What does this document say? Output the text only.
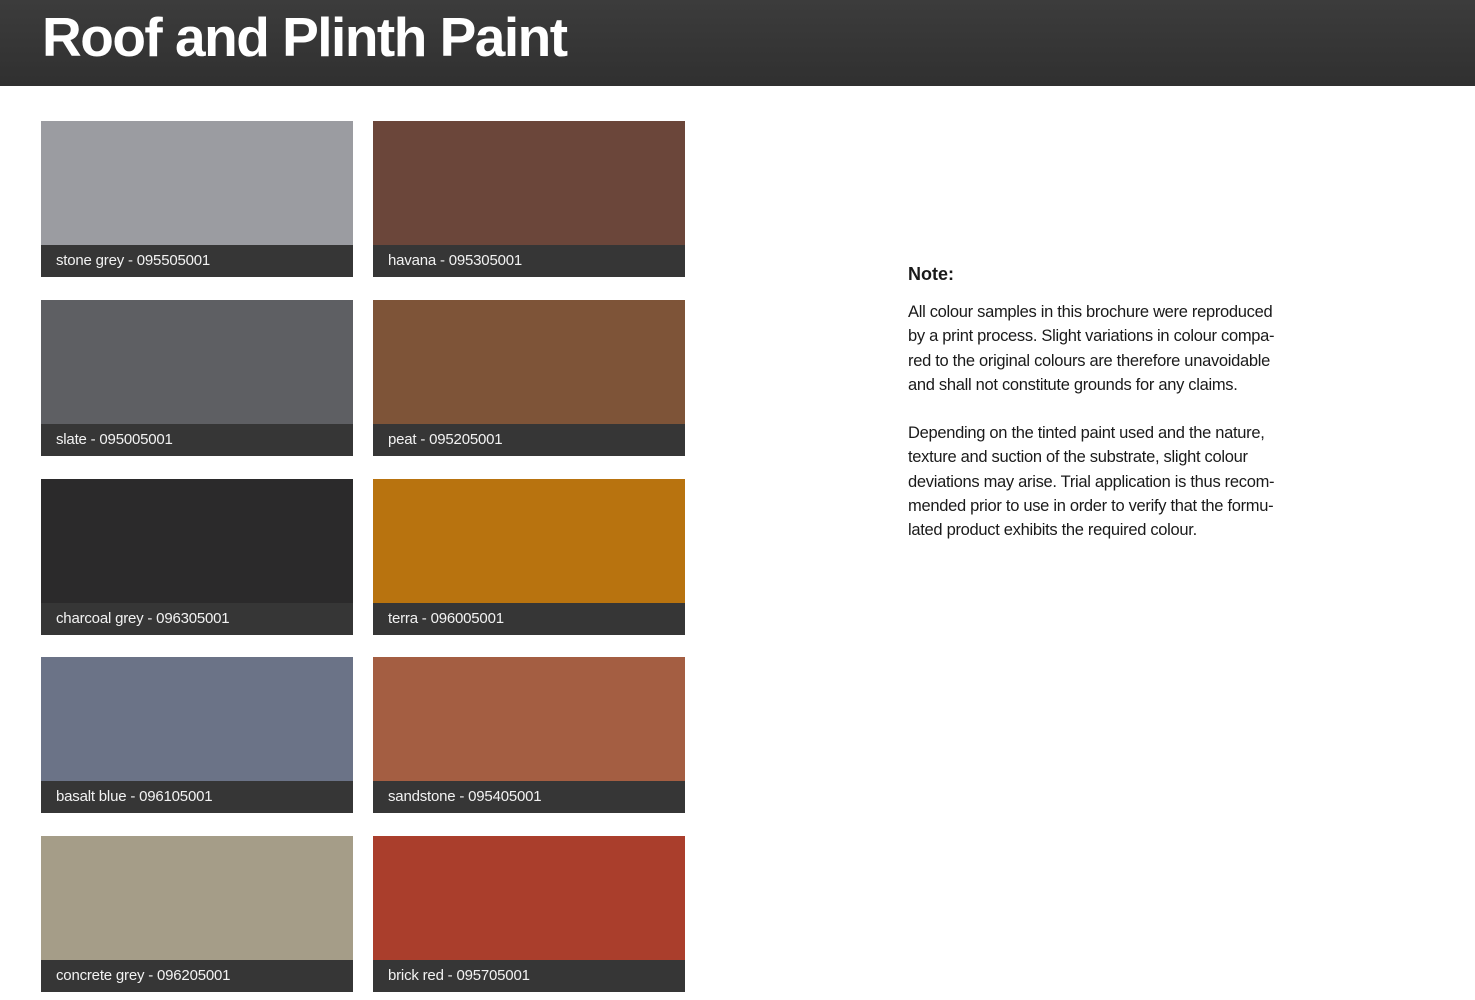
Roof and Plinth Paint
stone grey - 095505001	havana - 095305001
slate - 095005001	peat - 095205001
charcoal grey - 096305001	terra - 096005001
basalt blue - 096105001	sandstone - 095405001
concrete grey - 096205001	brick red - 095705001

Note:

All colour samples in this brochure were reproduced
by a print process. Slight variations in colour compa-
red to the original colours are therefore unavoidable
and shall not constitute grounds for any claims.

Depending on the tinted paint used and the nature,
texture and suction of the substrate, slight colour
deviations may arise. Trial application is thus recom-
mended prior to use in order to verify that the formu-
lated product exhibits the required colour.
